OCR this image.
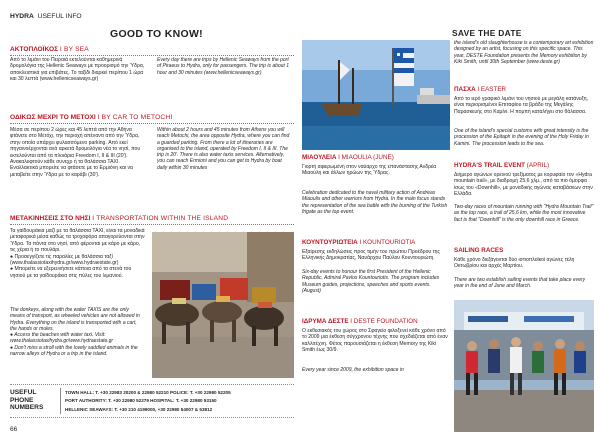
HYDRA USEFUL INFO
GOOD TO KNOW!	SAVE THE DATE
ΑΚΤΟΠΛΟΪΚΟΣ I BY SEA

Από το λιμάνι του Πειραιά εκτελούνται καθημερινά δρομολόγια της Hellenic Seaways με προορισμό την Ύδρα, αποκλειστικά για επιβάτες. Το ταξίδι διαρκεί περίπου 1 ώρα και 30 λεπτά (www.hellenicseaways.gr)

Every day there are trips by Hellenic Seaways from the port of Piraeus to Hydra, only for passengers. The trip is about 1 hour and 30 minutes (www.hellenicseaways.gr)

ΟΔΙΚΩΣ ΜΕΧΡΙ ΤΟ ΜΕΤΟΧΙ I BY CAR TO METOCHI

Μέσα σε περίπου 2 ώρες και 45 λεπτά από την Αθήνα φτάνετε στο Μετόχι, την περιοχή απέναντι από την Ύδρα, στην οποία υπάρχει φυλασσόμενο parking. Από εκεί πηγαινοέρχονται ανά αρκετά δρομολόγια νέα το νησί, που εκτελούνται από τα πλοιάρια Freedom I, II & III (20'). Ανακαλυφτούν κάθε συνεχρ ή τα θαλάσσια TAXI. Εναλλακτικά μπορείτε να φτάσετε με το Ερμιόνη και να μεταβείτε στην Ύδρα με το καράβι (30').

Within about 2 hours and 45 minutes from Athens you will reach Metochi, the area opposite Hydra, where you can find a guarded parking. From there a lot of itineraries are organised to the island, operated by Freedom I, II & III. The trip is 20'. There is also water taxis services. Alternatively, you can reach Ermioni and you can get to Hydra by boat daily within 30 minutes

ΜΕΤΑΚΙΝΗΣΕΙΣ ΣΤΟ ΝΗΣΙ I TRANSPORTATION WITHIN THE ISLAND

Τα γαϊδουράκια μαζί με τα θαλάσσια TAXI, είναι τα μοναδικά μεταφορικά μέσα καθώς τα τροχοφόρα απαγορεύονται στην Ύδρα. Τα πάντα στο νησί, από φέρονται με κάρο με κάρο, τις χέρια ή το πουλάρι.
● Προσεγγίζετε τις παραλίες με θαλάσσια ταξί (www.thalassiotaxihydra.gr/www.hydraestate.gr)
● Μπορείτε να εξερευνήσετε κάποια από τα στενά του νησιού με τα γαϊδουράκια στις πύλες του λιμανιού.

The donkeys, along with the water TAXIS are the only means of transport, as wheeled vehicles are not allowed in Hydra. Everything on the island is transported with a cart, the hands or mules.
● Access the beaches with water taxi. Visit: www.thalassiotaxihydra.gr/www.hydraestate.gr
● Don't miss a stroll with the lovely saddled animals in the narrow alleys of Hydra or a trip in the island.

USEFUL
PHONE
NUMBERS
TOWN HALL: T. +30 22983 20200 & 22980 52210 POLICE: T. +30 22980 52205
PORT AUTHORITY: T. +30 22980 52279 HOSPITAL: T. +30 22980 53150
HELLENIC SEAWAYS: T. +30 210 4199000, +30 22980 54007 & 53812
66
ΜΙΑΟΥΛΕΙΑ I MIAOULIA (JUNE)

Γιορτή αφιερωμένη στον ναύαρχο της επανάστασης Ανδρέα Μιαούλη και άλλων ηρώων της Ύδρας.

Celebration dedicated to the naval military action of Andreas Miaoulis and other warriors from Hydra. In the main focus stands the representation of the sea battle with the burning of the Turkish frigate as the top event.

ΚΟΥΝΤΟΥΡΙΩΤΕΙΑ I KOUNTOURIOTIA

Εξαίρεσης εκδηλώσεις προς τιμήν του πρώτου Προέδρου της Ελληνικής Δημοκρατίας, Ναυάρχου Παύλου Κουντουριώτη.

Six-day events to honour the first President of the Hellenic Republic, Admiral Pavlos Kountouriotis. The program includes Museum guides, projections, speeches and sports events. (August)

ΙΔΡΥΜΑ ΔΕΣΤΕ I DESTE FOUNDATION

Ο εκθεσιακός του χώρος στο Σφαγείο φιλοξενεί κάθε χρόνο από το 2009 μια έκθεση σύγχρονου τέχνης που σχεδιάζεται από έναν καλλιτέχνη. Φέτος παρουσιάζεται η έκθεση Memory της Kiki Smith έως 30/9.

Every year since 2009, the exhibition space in

the island's old slaughterhouse is a contemporary art exhibition designed by an artist, focusing on this specific space. This year, DESTE Foundation presents the Memory exhibition by Kiki Smith, until 30th September (www.deste.gr)

ΠΑΣΧΑ I EASTER

Από το ιερό γραφικό λιμάνι του νησιού με μεγάλη κατάνυξη, είναι περιορισμένοι Επιταφίου τα βράδυ της Μεγάλης Παρασκευής στο Καμίνι. Η πομπή καταλήγει στο θάλασσα.

One of the island's special customs with great intensity is the procession of the Epitaph in the evening of the Holy Friday in Kamini. The procession leads to the sea.

HYDRA'S TRAIL EVENT (APRIL)

Διήμερο αγώνων ορεινού τρεξίματος με κορυφαίο τον «Hydra mountain trail», με διαδρομή 25,6 χλμ., από τα πιο όμορφα ίσως του «Downhill», με μοναδικής αγώνας καταβάσεων στην Ελλάδα.

Two-day races of mountain running with "Hydra Mountain Trail" as the top race, a trail of 25,6 km, while the most innovative fact is that "Downhill" is the only downhill race in Greece.

SAILING RACES

Κάθε χρόνο διεξάγονται δύο ιστιοπλοϊκοί αγώνες τέλη Οκτωβρίου και αρχές Μαρτίου.

There are two establish sailing events that take place every year in the end of June and March.
